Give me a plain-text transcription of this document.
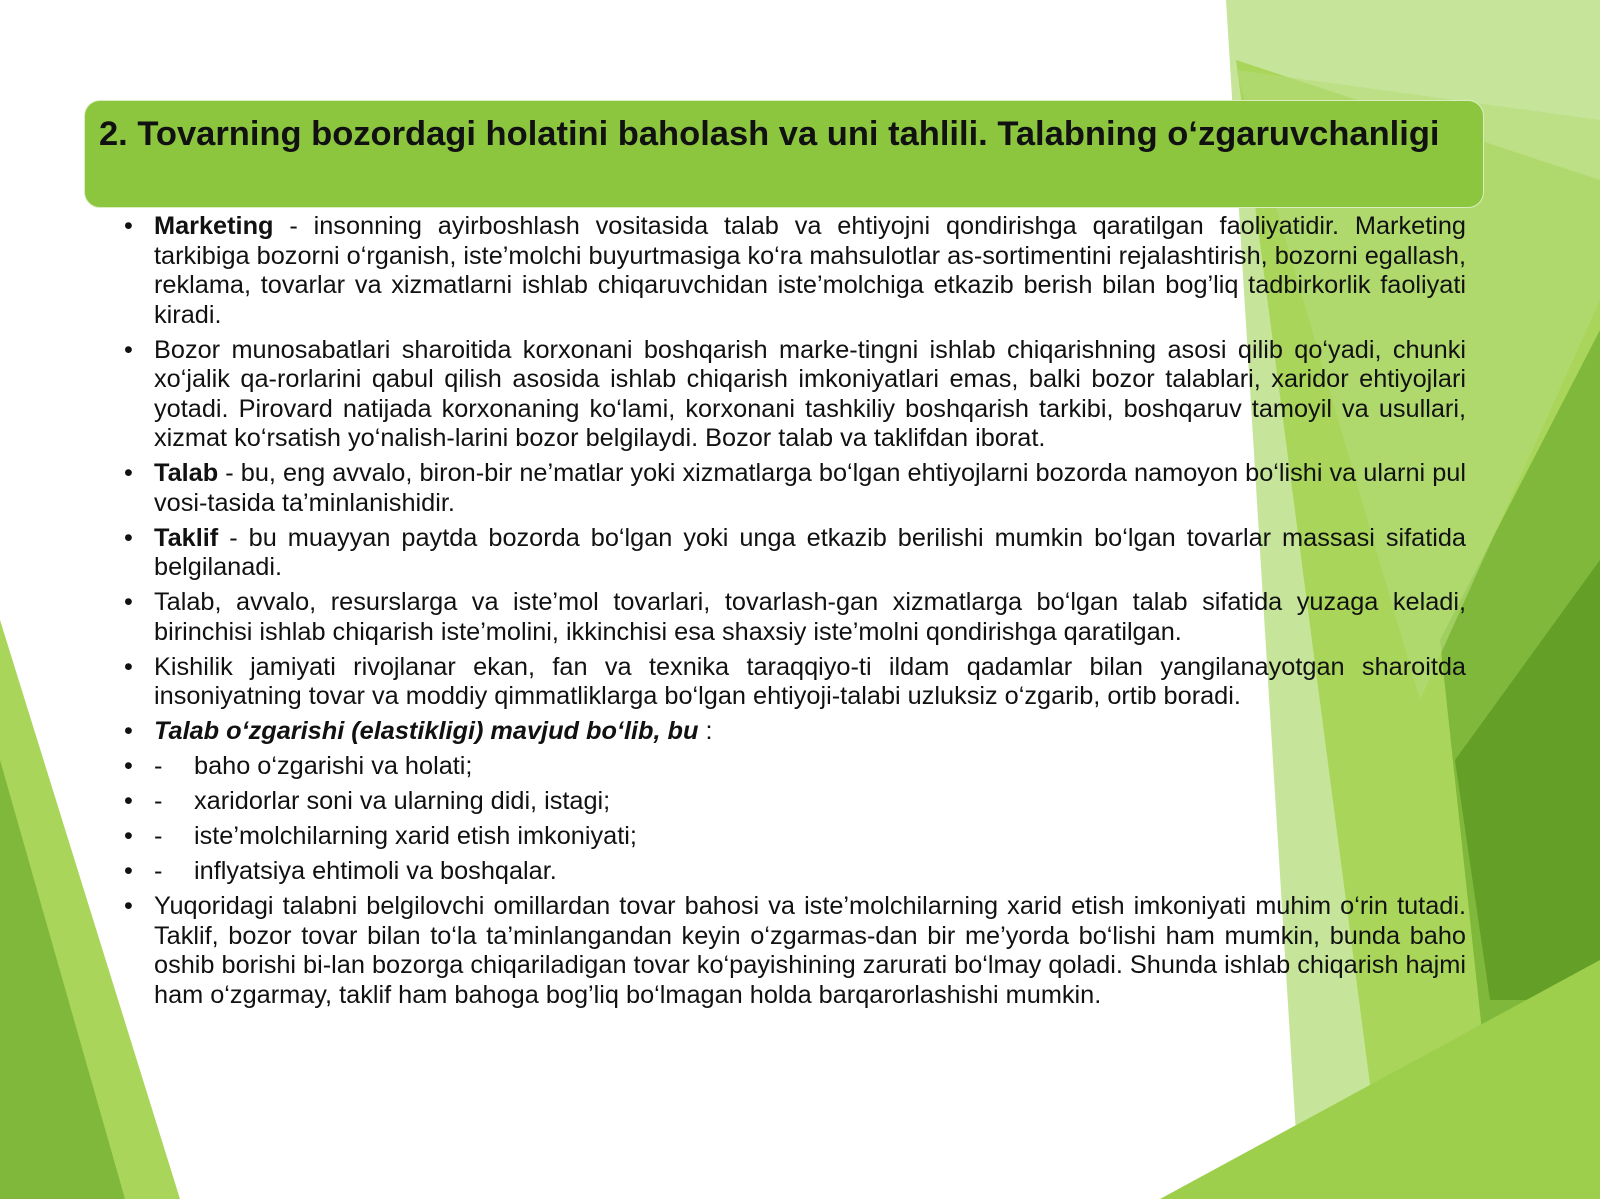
2. Tovarning bozordagi holatini baholash va uni tahlili. Talabning o‘zgaruvchanligi

• Marketing - insonning ayirboshlash vositasida talab va ehtiyojni qondirishga qaratilgan faoliyatidir. Marketing tarkibiga bozorni o‘rganish, iste’molchi buyurtmasiga ko‘ra mahsulotlar as-sortimentini rejalashtirish, bozorni egallash, reklama, tovarlar va xizmatlarni ishlab chiqaruvchidan iste’molchiga etkazib berish bilan bog’liq tadbirkorlik faoliyati kiradi.
• Bozor munosabatlari sharoitida korxonani boshqarish marke-tingni ishlab chiqarishning asosi qilib qo‘yadi, chunki xo‘jalik qa-rorlarini qabul qilish asosida ishlab chiqarish imkoniyatlari emas, balki bozor talablari, xaridor ehtiyojlari yotadi. Pirovard natijada korxonaning ko‘lami, korxonani tashkiliy boshqarish tarkibi, boshqaruv tamoyil va usullari, xizmat ko‘rsatish yo‘nalish-larini bozor belgilaydi. Bozor talab va taklifdan iborat.
• Talab - bu, eng avvalo, biron-bir ne’matlar yoki xizmatlarga bo‘lgan ehtiyojlarni bozorda namoyon bo‘lishi va ularni pul vosi-tasida ta’minlanishidir.
• Taklif - bu muayyan paytda bozorda bo‘lgan yoki unga etkazib berilishi mumkin bo‘lgan tovarlar massasi sifatida belgilanadi.
• Talab, avvalo, resurslarga va iste’mol tovarlari, tovarlash-gan xizmatlarga bo‘lgan talab sifatida yuzaga keladi, birinchisi ishlab chiqarish iste’molini, ikkinchisi esa shaxsiy iste’molni qondirishga qaratilgan.
• Kishilik jamiyati rivojlanar ekan, fan va texnika taraqqiyo-ti ildam qadamlar bilan yangilanayotgan sharoitda insoniyatning tovar va moddiy qimmatliklarga bo‘lgan ehtiyoji-talabi uzluksiz o‘zgarib, ortib boradi.
• Talab o‘zgarishi (elastikligi) mavjud bo‘lib, bu :
• - baho o‘zgarishi va holati;
• - xaridorlar soni va ularning didi, istagi;
• - iste’molchilarning xarid etish imkoniyati;
• - inflyatsiya ehtimoli va boshqalar.
• Yuqoridagi talabni belgilovchi omillardan tovar bahosi va iste’molchilarning xarid etish imkoniyati muhim o‘rin tutadi. Taklif, bozor tovar bilan to‘la ta’minlangandan keyin o‘zgarmas-dan bir me’yorda bo‘lishi ham mumkin, bunda baho oshib borishi bi-lan bozorga chiqariladigan tovar ko‘payishining zarurati bo‘lmay qoladi. Shunda ishlab chiqarish hajmi ham o‘zgarmay, taklif ham bahoga bog’liq bo‘lmagan holda barqarorlashishi mumkin.
